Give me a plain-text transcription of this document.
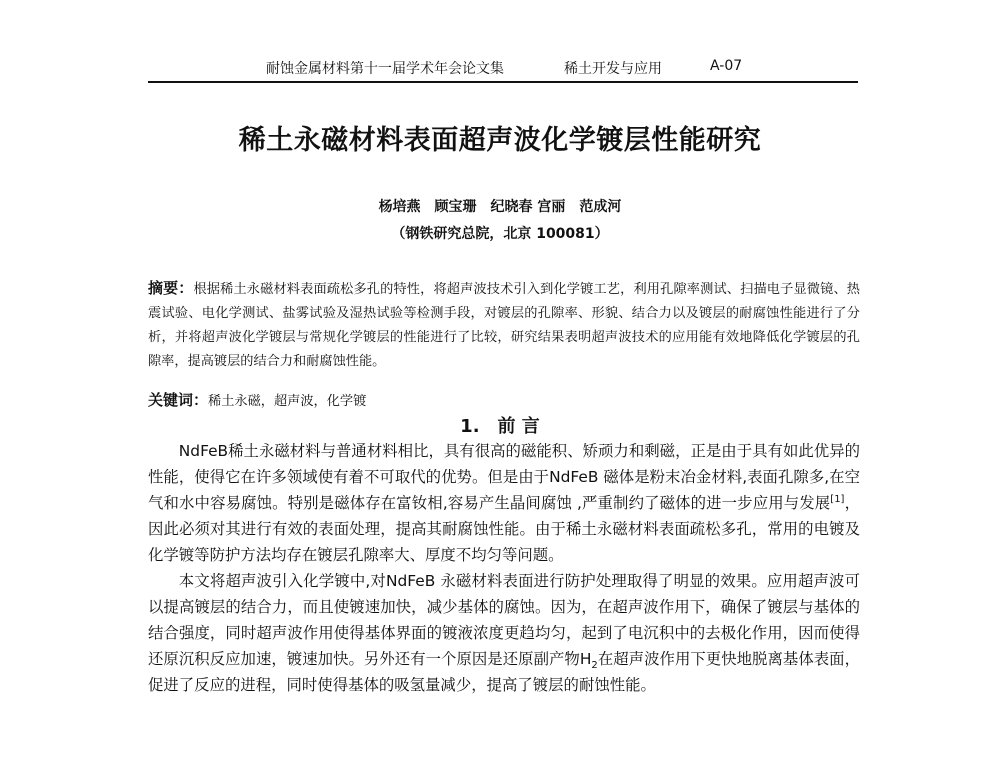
耐蚀金属材料第十一届学术年会论文集	稀土开发与应用	A-07
稀土永磁材料表面超声波化学镀层性能研究
杨培燕　顾宝珊　纪晓春 宫丽　范成河
（钢铁研究总院，北京 100081）
摘要：根据稀土永磁材料表面疏松多孔的特性，将超声波技术引入到化学镀工艺，利用孔隙率测试、扫描电子显微镜、热震试验、电化学测试、盐雾试验及湿热试验等检测手段，对镀层的孔隙率、形貌、结合力以及镀层的耐腐蚀性能进行了分析，并将超声波化学镀层与常规化学镀层的性能进行了比较，研究结果表明超声波技术的应用能有效地降低化学镀层的孔隙率，提高镀层的结合力和耐腐蚀性能。
关键词：稀土永磁，超声波，化学镀
1.　前 言

NdFeB稀土永磁材料与普通材料相比，具有很高的磁能积、矫顽力和剩磁，正是由于具有如此优异的性能，使得它在许多领域使有着不可取代的优势。但是由于NdFeB 磁体是粉末冶金材料,表面孔隙多,在空气和水中容易腐蚀。特别是磁体存在富钕相,容易产生晶间腐蚀 ,严重制约了磁体的进一步应用与发展[1]，因此必须对其进行有效的表面处理，提高其耐腐蚀性能。由于稀土永磁材料表面疏松多孔，常用的电镀及化学镀等防护方法均存在镀层孔隙率大、厚度不均匀等问题。

本文将超声波引入化学镀中,对NdFeB 永磁材料表面进行防护处理取得了明显的效果。应用超声波可以提高镀层的结合力，而且使镀速加快，减少基体的腐蚀。因为，在超声波作用下，确保了镀层与基体的结合强度，同时超声波作用使得基体界面的镀液浓度更趋均匀，起到了电沉积中的去极化作用，因而使得还原沉积反应加速，镀速加快。另外还有一个原因是还原副产物$H_2$在超声波作用下更快地脱离基体表面，促进了反应的进程，同时使得基体的吸氢量减少，提高了镀层的耐蚀性能。
